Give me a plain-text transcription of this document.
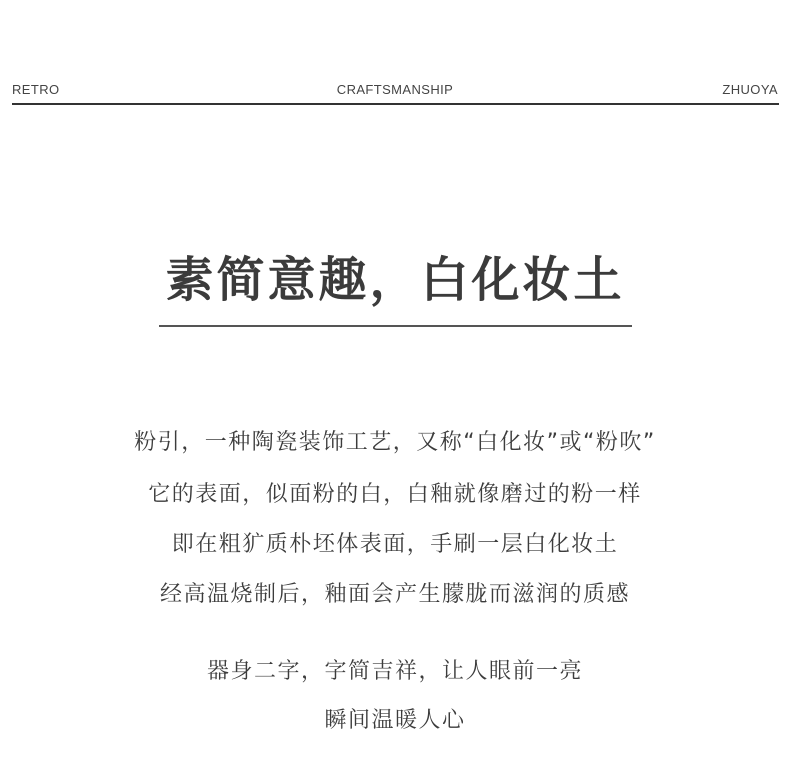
RETRO	CRAFTSMANSHIP	ZHUOYA
素简意趣，白化妆土
粉引，一种陶瓷装饰工艺，又称“白化妆”或“粉吹”
它的表面，似面粉的白，白釉就像磨过的粉一样
即在粗犷质朴坯体表面，手刷一层白化妆土
经高温烧制后，釉面会产生朦胧而滋润的质感
器身二字，字简吉祥，让人眼前一亮
瞬间温暖人心
